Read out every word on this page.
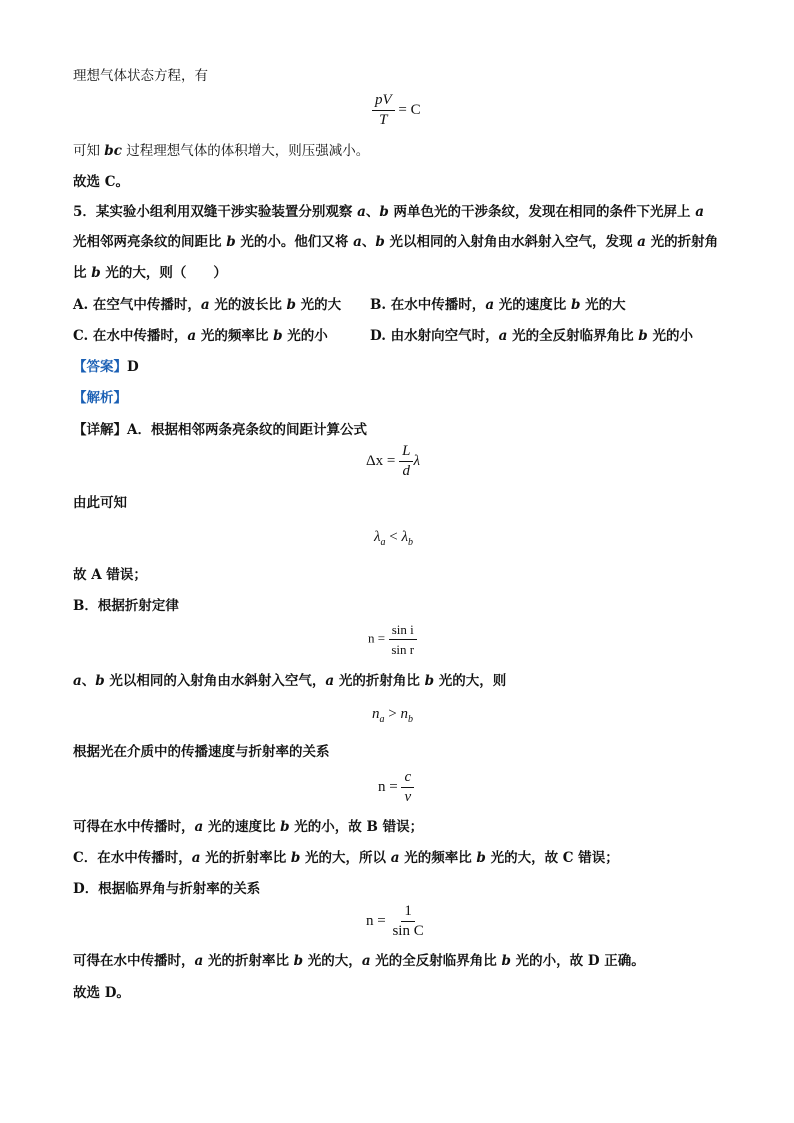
理想气体状态方程，有
$\frac{pV}{T} = C$
可知 bc 过程理想气体的体积增大，则压强减小。
故选 C。
5．某实验小组利用双缝干涉实验装置分别观察 a、b 两单色光的干涉条纹，发现在相同的条件下光屏上 a
光相邻两亮条纹的间距比 b 光的小。他们又将 a、b 光以相同的入射角由水斜射入空气，发现 a 光的折射角
比 b 光的大，则（　　）
A. 在空气中传播时，a 光的波长比 b 光的大 B. 在水中传播时，a 光的速度比 b 光的大
C. 在水中传播时，a 光的频率比 b 光的小	D. 由水射向空气时，a 光的全反射临界角比 b 光的小
【答案】D
【解析】
【详解】A．根据相邻两条亮条纹的间距计算公式
$\Delta x = \frac{L}{d}$ λ
由此可知
$\lambda_a < \lambda_b$
故 A 错误；
B．根据折射定律
$n = \frac{\text{sin i}}{\text{sin r}}$
a、b 光以相同的入射角由水斜射入空气，a 光的折射角比 b 光的大，则
$n_a > n_b$
根据光在介质中的传播速度与折射率的关系
$n = \frac{c}{v}$
可得在水中传播时，a 光的速度比 b 光的小，故 B 错误；
C．在水中传播时，a 光的折射率比 b 光的大，所以 a 光的频率比 b 光的大，故 C 错误；
D．根据临界角与折射率的关系
$n = \frac{1}{\text{sin C}}$
可得在水中传播时，a 光的折射率比 b 光的大，a 光的全反射临界角比 b 光的小，故 D 正确。
故选 D。
